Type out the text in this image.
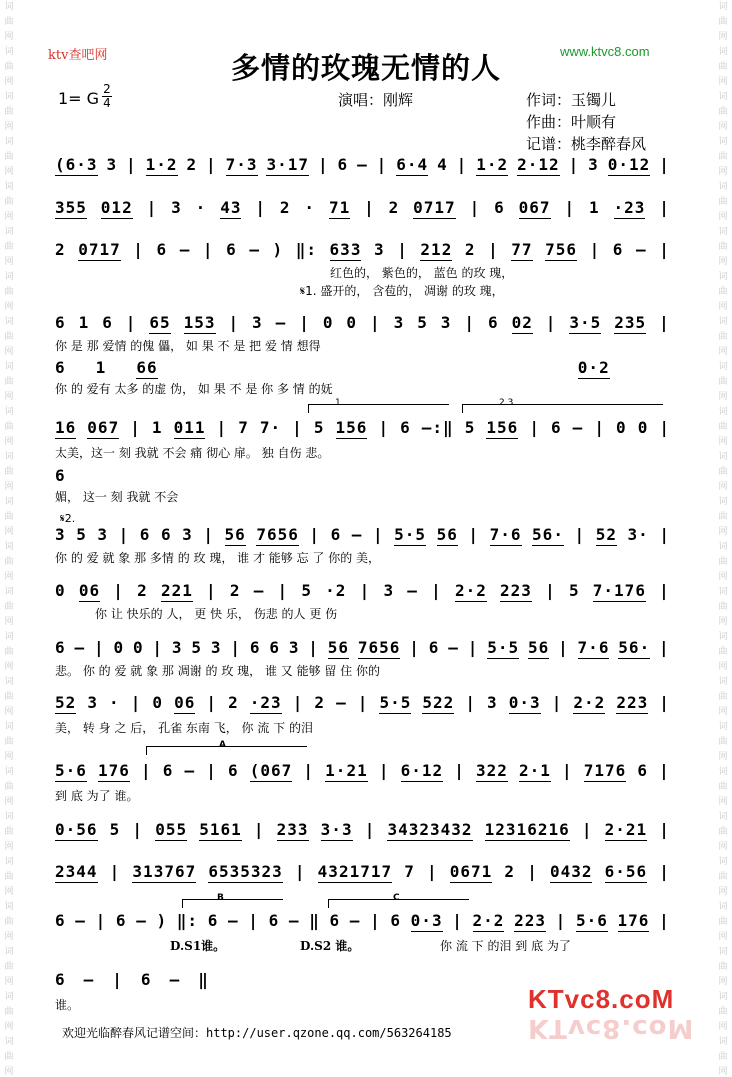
词
曲
网
词
曲
网
词
曲
网
词
曲
网
词
曲
网
词
曲
网
词
曲
网
词
曲
网
词
曲
网
词
曲
网
词
曲
网
词
曲
网
词
曲
网
词
曲
网
词
曲
网
词
曲
网
词
曲
网
词
曲
网
词
曲
网
词
曲
网
词
曲
网
词
曲
网
词
曲
网
词
曲
网
词
曲
网
词
曲
网
词
曲
网
词
曲
网
词
曲
网
词
曲
网
词
曲
网
词
曲
网
词
曲
网
词
曲
网
词
曲
网
词
曲
网
词
曲
网
词
曲
网
词
曲
网
词
曲
网
词
曲
网
词
曲
网
词
曲
网
词
曲
网
词
曲
网
词
曲
网
词
曲
网
词
曲
网
ktv查吧网	www.ktvc8.com
多情的玫瑰无情的人
1= G 2
4	演唱：刚辉	作词：玉镯儿
作曲：叶顺有
记谱：桃李醉春风
(6·3 3 | 1·2 2 | 7·3 3·17 | 6 – | 6·4 4 | 1·2 2·12 | 3 0·12 |
355 012 | 3 · 43 | 2 · 71 | 2 0717 | 6 067 | 1 ·23 |
2 0717 | 6 – | 6 – ) ‖: 633 3 | 212 2 | 77 756 | 6 – |
红色的， 紫色的， 蓝色 的玫 瑰，
𝄋1. 盛开的， 含苞的， 凋谢 的玫 瑰，
6 1 6 | 65 153 | 3 – | 0 0 | 3 5 3 | 6 02 | 3·5 235 |
你 是 那 爱情 的傀 儡， 如 果 不 是 把 爱 情 想得
6 1 66	0·2
你 的 爱有 太多 的虚 伪， 如 果 不 是 你 多 情 的妩
16 067 | 1 011 | 7 7· | 5 156 | 6 –:‖ 5 156 | 6 – | 0 0 |
太美，这一 刻 我就 不会 痛 彻心 扉。 独 自伤 悲。
6
媚， 这一 刻 我就 不会
3 5 3 | 6 6 3 | 56 7656 | 6 – | 5·5 56 | 7·6 56· | 52 3· |
你 的 爱 就 象 那 多情 的 玫 瑰， 谁 才 能够 忘 了 你的 美，
0 06 | 2 221 | 2 – | 5 ·2 | 3 – | 2·2 223 | 5 7·176 |
你 让 快乐的 人， 更 快 乐， 伤悲 的人 更 伤
6 – | 0 0 | 3 5 3 | 6 6 3 | 56 7656 | 6 – | 5·5 56 | 7·6 56· |
悲。 你 的 爱 就 象 那 凋谢 的 玫 瑰， 谁 又 能够 留 住 你的
52 3 · | 0 06 | 2 ·23 | 2 – | 5·5 522 | 3 0·3 | 2·2 223 |
美， 转 身 之 后， 孔雀 东南 飞， 你 流 下 的泪
5·6 176 | 6 – | 6 (067 | 1·21 | 6·12 | 322 2·1 | 7176 6 |
到 底 为了 谁。
0·56 5 | 055 5161 | 233 3·3 | 34323432 12316216 | 2·21 |
2344 | 313767 6535323 | 4321717 7 | 0671 2 | 0432 6·56 |
6 – | 6 – ) ‖: 6 – | 6 – ‖ 6 – | 6 0·3 | 2·2 223 | 5·6 176 |
你 流 下 的泪 到 底 为了
6 – | 6 – ‖
谁。
1	2.3
𝄋2.
A
B	C
D.S1谁。	D.S2 谁。
欢迎光临醉春风记谱空间：http://user.qzone.qq.com/563264185
KTvc8.coM
KTvc8.coM
